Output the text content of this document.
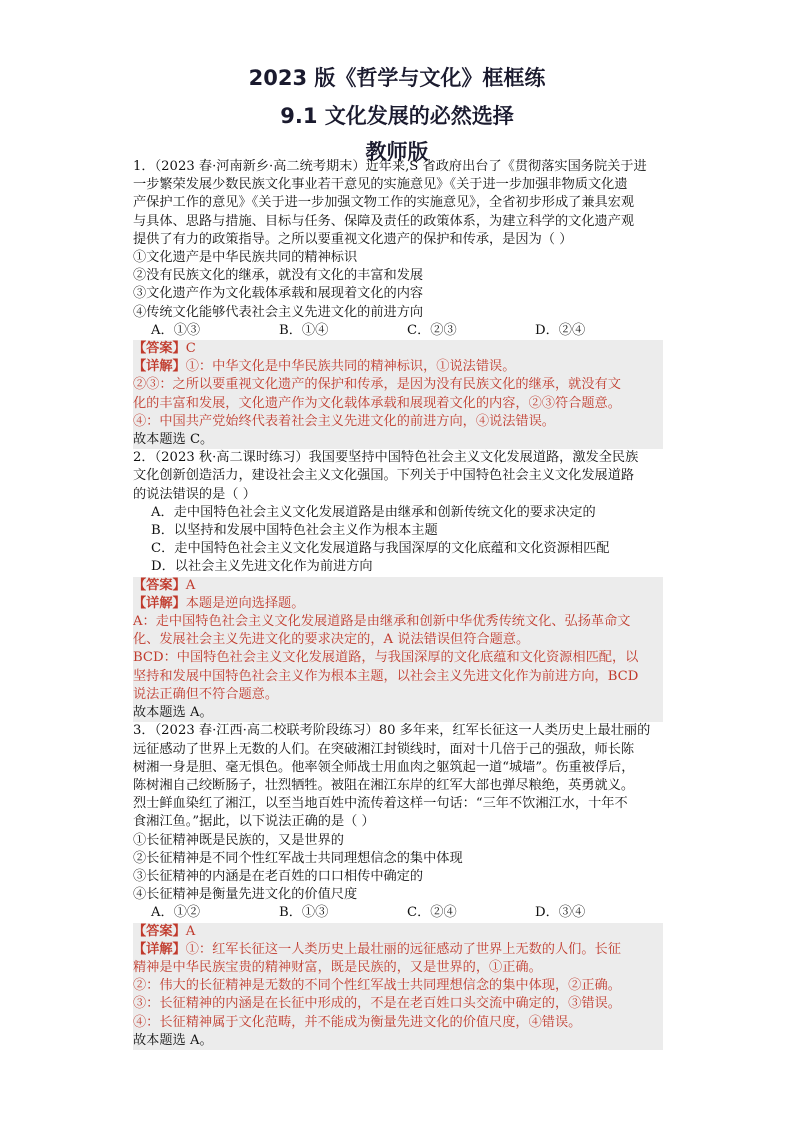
2023 版《哲学与文化》框框练
9.1 文化发展的必然选择
教师版

1．（2023 春·河南新乡·高二统考期末）近年来,S 省政府出台了《贯彻落实国务院关于进

一步繁荣发展少数民族文化事业若干意见的实施意见》《关于进一步加强非物质文化遗

产保护工作的意见》《关于进一步加强文物工作的实施意见》，全省初步形成了兼具宏观

与具体、思路与措施、目标与任务、保障及责任的政策体系，为建立科学的文化遗产观

提供了有力的政策指导。之所以要重视文化遗产的保护和传承，是因为（ ）

①文化遗产是中华民族共同的精神标识

②没有民族文化的继承，就没有文化的丰富和发展

③文化遗产作为文化载体承载和展现着文化的内容

④传统文化能够代表社会主义先进文化的前进方向

A．①③	B．①④	C．②③	D．②④

【答案】C

【详解】①：中华文化是中华民族共同的精神标识，①说法错误。

②③：之所以要重视文化遗产的保护和传承，是因为没有民族文化的继承，就没有文

化的丰富和发展，文化遗产作为文化载体承载和展现着文化的内容，②③符合题意。

④：中国共产党始终代表着社会主义先进文化的前进方向，④说法错误。

故本题选 C。

2．（2023 秋·高二课时练习）我国要坚持中国特色社会主义文化发展道路，激发全民族

文化创新创造活力，建设社会主义文化强国。下列关于中国特色社会主义文化发展道路

的说法错误的是（ ）

A．走中国特色社会主义文化发展道路是由继承和创新传统文化的要求决定的

B．以坚持和发展中国特色社会主义作为根本主题

C．走中国特色社会主义文化发展道路与我国深厚的文化底蕴和文化资源相匹配

D．以社会主义先进文化作为前进方向

【答案】A

【详解】本题是逆向选择题。

A：走中国特色社会主义文化发展道路是由继承和创新中华优秀传统文化、弘扬革命文

化、发展社会主义先进文化的要求决定的，A 说法错误但符合题意。

BCD：中国特色社会主义文化发展道路，与我国深厚的文化底蕴和文化资源相匹配，以

坚持和发展中国特色社会主义作为根本主题，以社会主义先进文化作为前进方向，BCD

说法正确但不符合题意。

故本题选 A。

3．（2023 春·江西·高二校联考阶段练习）80 多年来，红军长征这一人类历史上最壮丽的

远征感动了世界上无数的人们。在突破湘江封锁线时，面对十几倍于己的强敌，师长陈

树湘一身是胆、毫无惧色。他率领全师战士用血肉之躯筑起一道“城墙”。伤重被俘后，

陈树湘自己绞断肠子，壮烈牺牲。被阻在湘江东岸的红军大部也弹尽粮绝，英勇就义。

烈士鲜血染红了湘江，以至当地百姓中流传着这样一句话：“三年不饮湘江水，十年不

食湘江鱼。”据此，以下说法正确的是（ ）

①长征精神既是民族的，又是世界的

②长征精神是不同个性红军战士共同理想信念的集中体现

③长征精神的内涵是在老百姓的口口相传中确定的

④长征精神是衡量先进文化的价值尺度

A．①②	B．①③	C．②④	D．③④

【答案】A

【详解】①：红军长征这一人类历史上最壮丽的远征感动了世界上无数的人们。长征

精神是中华民族宝贵的精神财富，既是民族的，又是世界的，①正确。

②：伟大的长征精神是无数的不同个性红军战士共同理想信念的集中体现，②正确。

③：长征精神的内涵是在长征中形成的，不是在老百姓口头交流中确定的，③错误。

④：长征精神属于文化范畴，并不能成为衡量先进文化的价值尺度，④错误。

故本题选 A。
